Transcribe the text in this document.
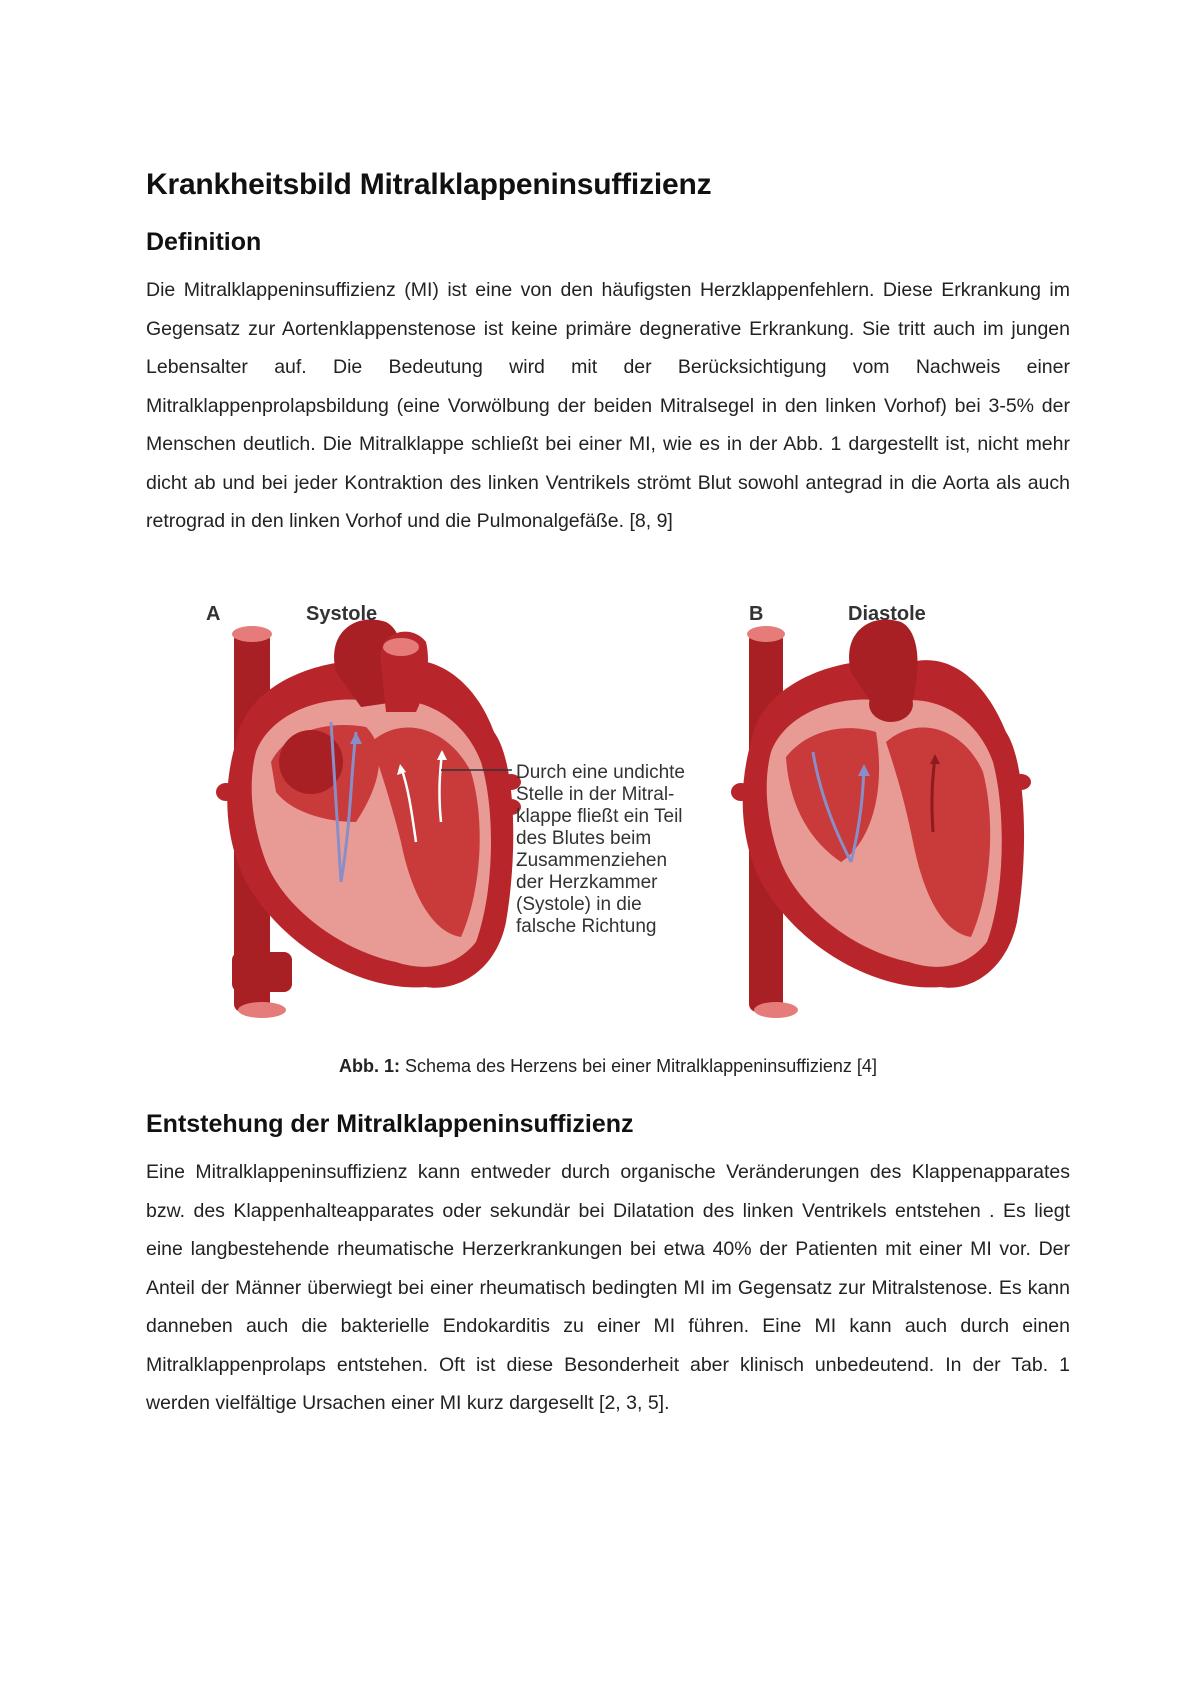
Krankheitsbild Mitralklappeninsuffizienz
Definition

Die Mitralklappeninsuffizienz (MI) ist eine von den häufigsten Herzklappenfehlern. Diese Erkrankung im Gegensatz zur Aortenklappenstenose ist keine primäre degnerative Erkrankung. Sie tritt auch im jungen Lebensalter auf. Die Bedeutung wird mit der Berücksichtigung vom Nachweis einer Mitralklappenprolapsbildung (eine Vorwölbung der beiden Mitralsegel in den linken Vorhof) bei 3-5% der Menschen deutlich. Die Mitralklappe schließt bei einer MI, wie es in der Abb. 1 dargestellt ist, nicht mehr dicht ab und bei jeder Kontraktion des linken Ventrikels strömt Blut sowohl antegrad in die Aorta als auch retrograd in den linken Vorhof und die Pulmonalgefäße. [8, 9]

A	Systole	B	Diastole
Durch eine undichte
Stelle in der Mitral-
klappe fließt ein Teil
des Blutes beim
Zusammenziehen
der Herzkammer
(Systole) in die
falsche Richtung
Abb. 1: Schema des Herzens bei einer Mitralklappeninsuffizienz [4]
Entstehung der Mitralklappeninsuffizienz

Eine Mitralklappeninsuffizienz kann entweder durch organische Veränderungen des Klappenapparates bzw. des Klappenhalteapparates oder sekundär bei Dilatation des linken Ventrikels entstehen . Es liegt eine langbestehende rheumatische Herzerkrankungen bei etwa 40% der Patienten mit einer MI vor. Der Anteil der Männer überwiegt bei einer rheumatisch bedingten MI im Gegensatz zur Mitralstenose. Es kann danneben auch die bakterielle Endokarditis zu einer MI führen. Eine MI kann auch durch einen Mitralklappenprolaps entstehen. Oft ist diese Besonderheit aber klinisch unbedeutend. In der Tab. 1 werden vielfältige Ursachen einer MI kurz dargesellt [2, 3, 5].
